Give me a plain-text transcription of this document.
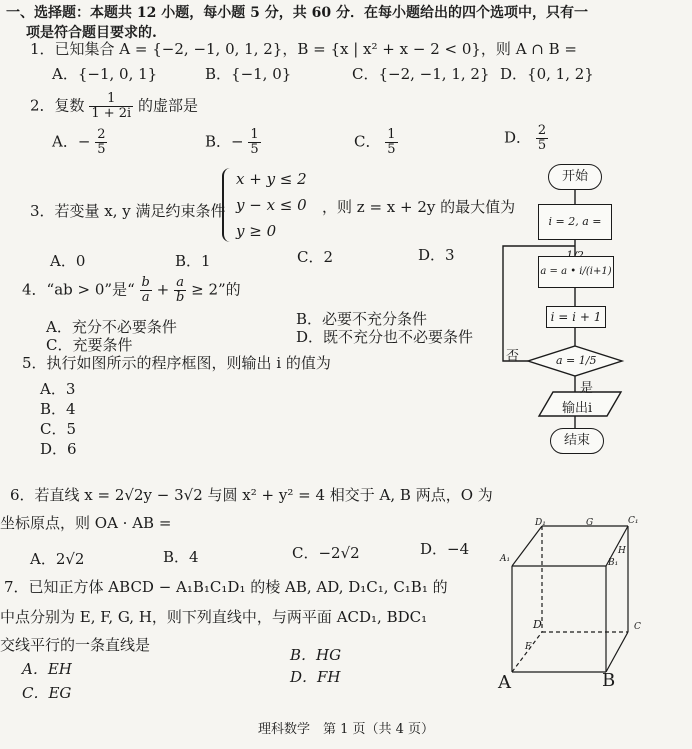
一、选择题：本题共 12 小题，每小题 5 分，共 60 分．在每小题给出的四个选项中，只有一
项是符合题目要求的.
1．已知集合 A = {−2, −1, 0, 1, 2}，B = {x | x² + x − 2 < 0}，则 A ∩ B =
A．{−1, 0, 1}	B．{−1, 0}	C．{−2, −1, 1, 2} D．{0, 1, 2}
2．复数 $\frac{1}{1 + 2i}$ 的虚部是
A．− $\frac{2}{5}$	B．− $\frac{1}{5}$	C． $\frac{1}{5}$	D． $\frac{2}{5}$
3．若变量 x, y 满足约束条件
x + y ≤ 2
y − x ≤ 0
y ≥ 0
，则 z = x + 2y 的最大值为
A．0	B．1	C．2	D．3
4．“ab > 0”是“ $\frac{b}{a} + \frac{a}{b} \ge 2$”的
A．充分不必要条件	B．必要不充分条件
C．充要条件	D．既不充分也不必要条件
5．执行如图所示的程序框图，则输出 i 的值为
A．3
B．4
C．5
D．6
开始
i = 2, a =
a = a • i/(i+1)
i = i + 1
a = 1/5
否
是
输出i
结束
6．若直线 x = 2√2y − 3√2 与圆 x² + y² = 4 相交于 A, B 两点，O 为
坐标原点，则 OA · AB =
A．2√2	B．4	C．−2√2	D．−4
7．已知正方体 ABCD − A₁B₁C₁D₁ 的棱 AB, AD, D₁C₁, C₁B₁ 的
中点分别为 E, F, G, H，则下列直线中，与两平面 ACD₁, BDC₁
交线平行的一条直线是
A．EH
B．HG
C．EG
D．FH
D₁	G	C₁
A₁	B₁
H
D	C
F
A	B
理科数学　第 1 页（共 4 页）
